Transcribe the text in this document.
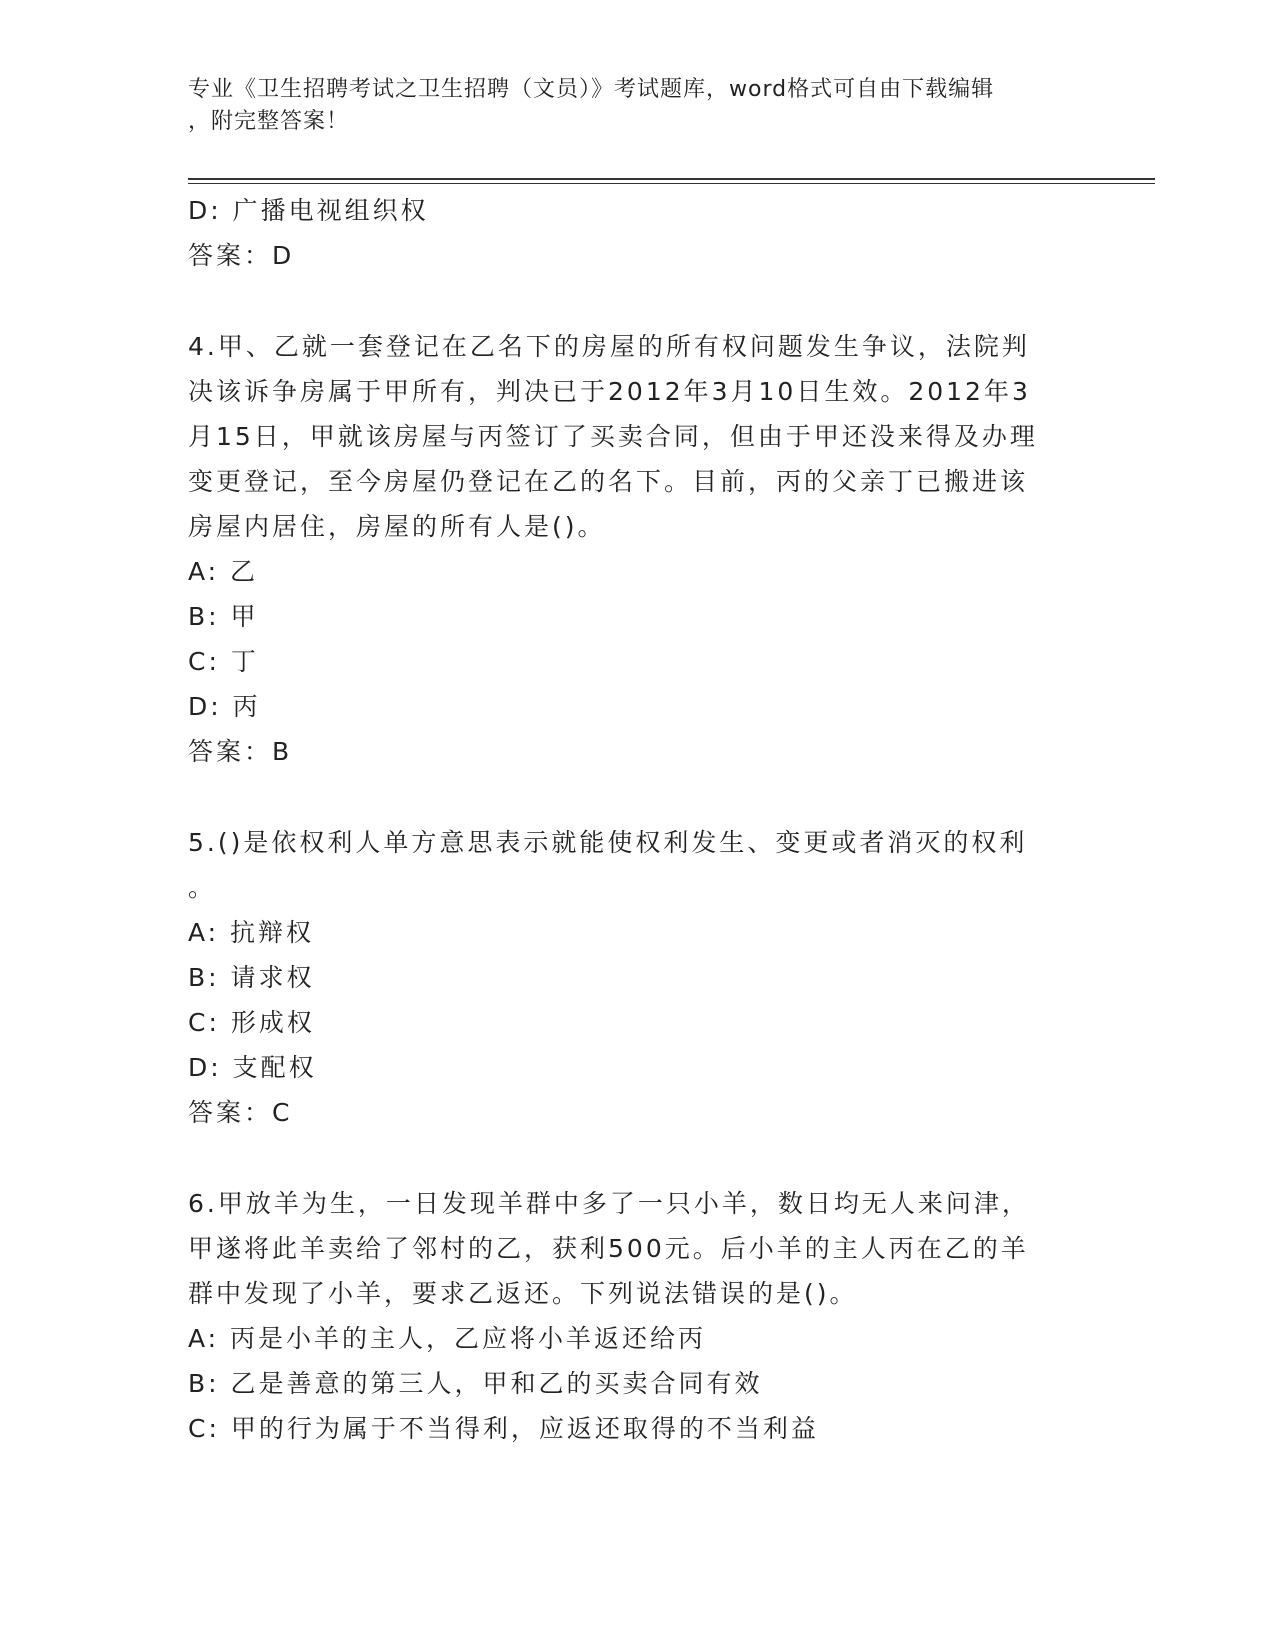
专业《卫生招聘考试之卫生招聘（文员）》考试题库，word格式可自由下载编辑
，附完整答案！
D: 广播电视组织权
答案：D
4.甲、乙就一套登记在乙名下的房屋的所有权问题发生争议，法院判
决该诉争房属于甲所有，判决已于2012年3月10日生效。2012年3
月15日，甲就该房屋与丙签订了买卖合同，但由于甲还没来得及办理
变更登记，至今房屋仍登记在乙的名下。目前，丙的父亲丁已搬进该
房屋内居住，房屋的所有人是()。
A: 乙
B: 甲
C: 丁
D: 丙
答案：B
5.()是依权利人单方意思表示就能使权利发生、变更或者消灭的权利
。
A: 抗辩权
B: 请求权
C: 形成权
D: 支配权
答案：C
6.甲放羊为生，一日发现羊群中多了一只小羊，数日均无人来问津，
甲遂将此羊卖给了邻村的乙，获利500元。后小羊的主人丙在乙的羊
群中发现了小羊，要求乙返还。下列说法错误的是()。
A: 丙是小羊的主人，乙应将小羊返还给丙
B: 乙是善意的第三人，甲和乙的买卖合同有效
C: 甲的行为属于不当得利，应返还取得的不当利益
